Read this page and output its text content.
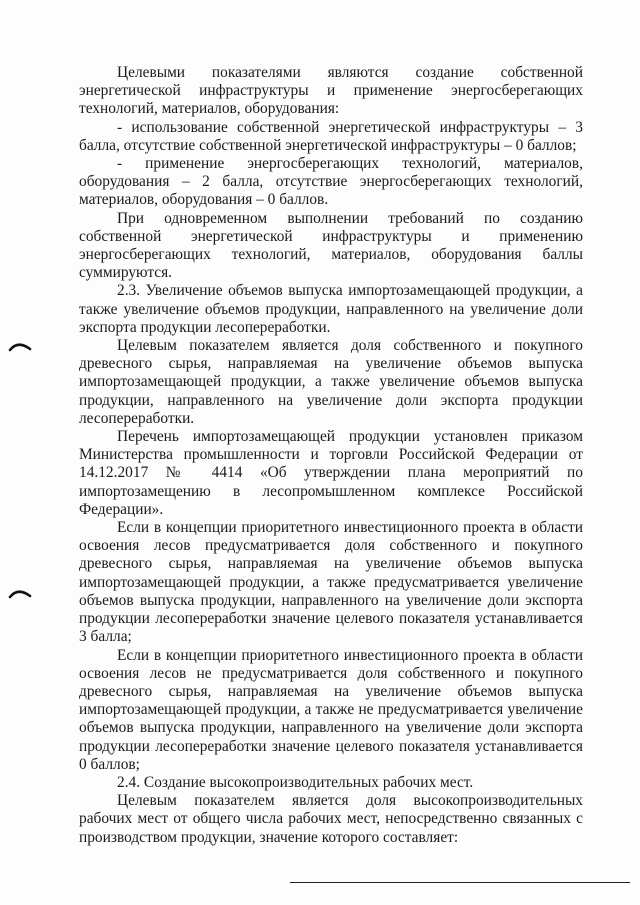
Целевыми показателями являются создание собственной энергетической инфраструктуры и применение энергосберегающих технологий, материалов, оборудования:

- использование собственной энергетической инфраструктуры – 3 балла, отсутствие собственной энергетической инфраструктуры – 0 баллов;

- применение энергосберегающих технологий, материалов, оборудования – 2 балла, отсутствие энергосберегающих технологий, материалов, оборудования – 0 баллов.

При одновременном выполнении требований по созданию собственной энергетической инфраструктуры и применению энергосберегающих технологий, материалов, оборудования баллы суммируются.

2.3. Увеличение объемов выпуска импортозамещающей продукции, а также увеличение объемов продукции, направленного на увеличение доли экспорта продукции лесопереработки.

Целевым показателем является доля собственного и покупного древесного сырья, направляемая на увеличение объемов выпуска импортозамещающей продукции, а также увеличение объемов выпуска продукции, направленного на увеличение доли экспорта продукции лесопереработки.

Перечень импортозамещающей продукции установлен приказом Министерства промышленности и торговли Российской Федерации от 14.12.2017 № 4414 «Об утверждении плана мероприятий по импортозамещению в лесопромышленном комплексе Российской Федерации».

Если в концепции приоритетного инвестиционного проекта в области освоения лесов предусматривается доля собственного и покупного древесного сырья, направляемая на увеличение объемов выпуска импортозамещающей продукции, а также предусматривается увеличение объемов выпуска продукции, направленного на увеличение доли экспорта продукции лесопереработки значение целевого показателя устанавливается 3 балла;

Если в концепции приоритетного инвестиционного проекта в области освоения лесов не предусматривается доля собственного и покупного древесного сырья, направляемая на увеличение объемов выпуска импортозамещающей продукции, а также не предусматривается увеличение объемов выпуска продукции, направленного на увеличение доли экспорта продукции лесопереработки значение целевого показателя устанавливается 0 баллов;

2.4. Создание высокопроизводительных рабочих мест.

Целевым показателем является доля высокопроизводительных рабочих мест от общего числа рабочих мест, непосредственно связанных с производством продукции, значение которого составляет:
